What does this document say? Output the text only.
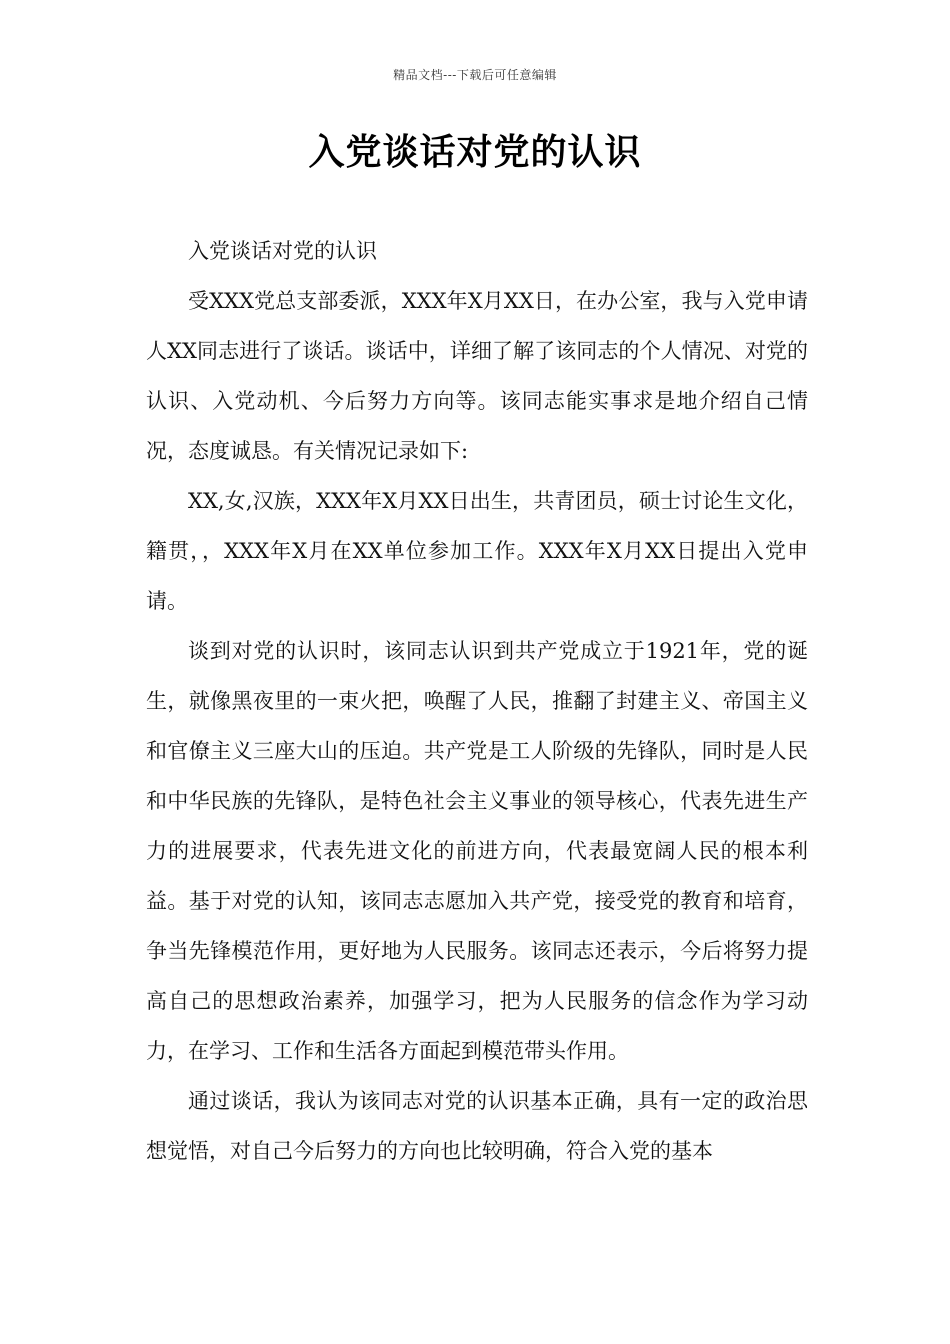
精品文档---下载后可任意编辑
入党谈话对党的认识

入党谈话对党的认识

受XXX党总支部委派，XXX年X月XX日，在办公室，我与入党申请人XX同志进行了谈话。谈话中，详细了解了该同志的个人情况、对党的认识、入党动机、今后努力方向等。该同志能实事求是地介绍自己情况，态度诚恳。有关情况记录如下:

XX,女,汉族，XXX年X月XX日出生，共青团员，硕士讨论生文化，籍贯，，XXX年X月在XX单位参加工作。XXX年X月XX日提出入党申请。

谈到对党的认识时，该同志认识到共产党成立于1921年，党的诞生，就像黑夜里的一束火把，唤醒了人民，推翻了封建主义、帝国主义和官僚主义三座大山的压迫。共产党是工人阶级的先锋队，同时是人民和中华民族的先锋队，是特色社会主义事业的领导核心，代表先进生产力的进展要求，代表先进文化的前进方向，代表最宽阔人民的根本利益。基于对党的认知，该同志志愿加入共产党，接受党的教育和培育，争当先锋模范作用，更好地为人民服务。该同志还表示，今后将努力提高自己的思想政治素养，加强学习，把为人民服务的信念作为学习动力，在学习、工作和生活各方面起到模范带头作用。

通过谈话，我认为该同志对党的认识基本正确，具有一定的政治思想觉悟，对自己今后努力的方向也比较明确，符合入党的基本
